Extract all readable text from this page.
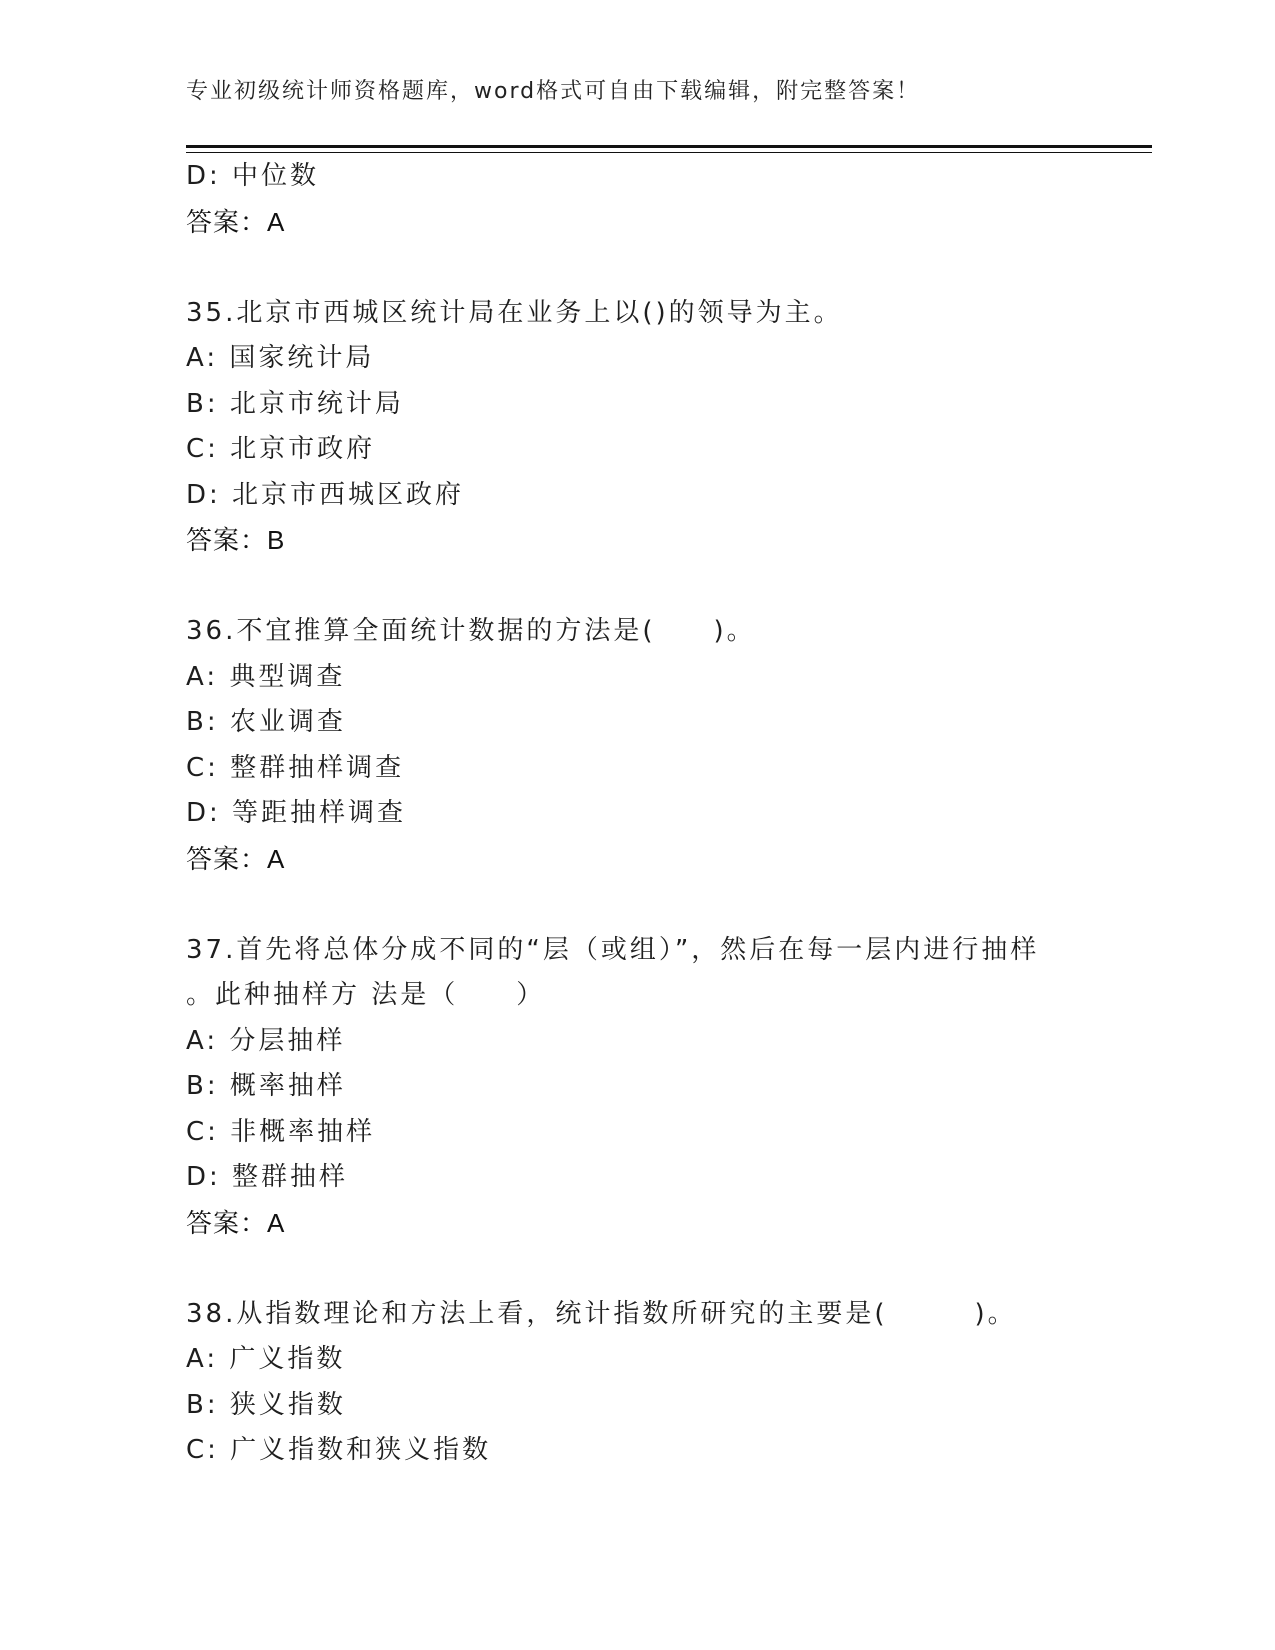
专业初级统计师资格题库，word格式可自由下载编辑，附完整答案！
D: 中位数
答案：A
35.北京市西城区统计局在业务上以()的领导为主。
A: 国家统计局
B: 北京市统计局
C: 北京市政府
D: 北京市西城区政府
答案：B
36.不宜推算全面统计数据的方法是(　　)。
A: 典型调查
B: 农业调查
C: 整群抽样调查
D: 等距抽样调查
答案：A
37.首先将总体分成不同的“层（或组）”，然后在每一层内进行抽样
。此种抽样方 法是（　　）
A: 分层抽样
B: 概率抽样
C: 非概率抽样
D: 整群抽样
答案：A
38.从指数理论和方法上看，统计指数所研究的主要是(　　　)。
A: 广义指数
B: 狭义指数
C: 广义指数和狭义指数
